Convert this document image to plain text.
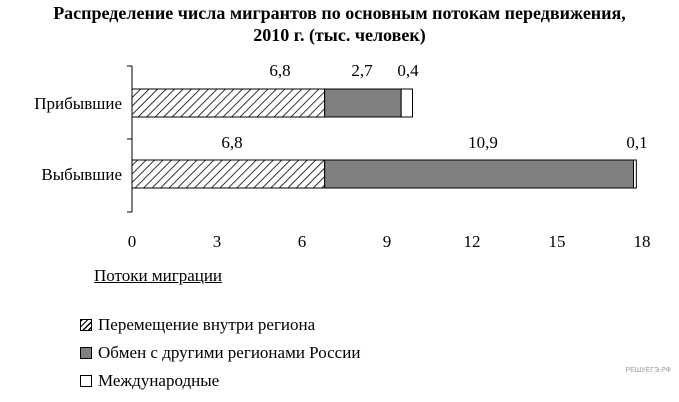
Распределение числа мигрантов по основным потокам передвижения,
2010 г. (тыс. человек)
0	3	6	9	12	15	18
Прибывшие
Выбывшие
6,8	2,7 0,4
6,8	10,9	0,1
Потоки миграции
Перемещение внутри региона
Обмен с другими регионами России
Международные
РЕШУЕГЭ.РФ
